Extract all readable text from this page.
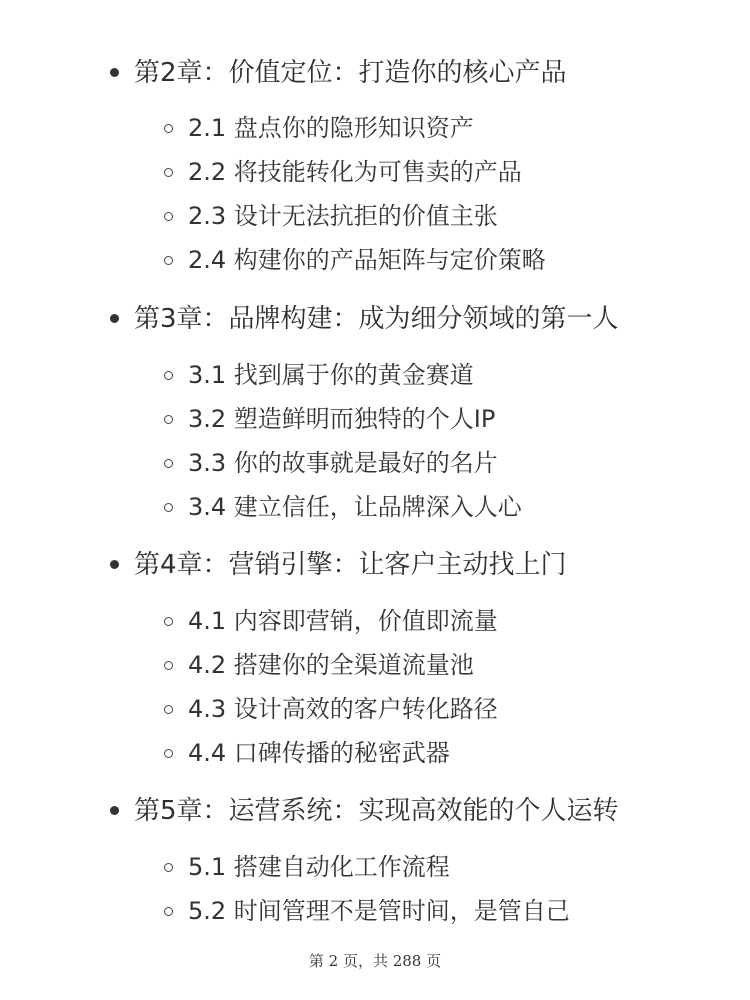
第2章：价值定位：打造你的核心产品
2.1 盘点你的隐形知识资产
2.2 将技能转化为可售卖的产品
2.3 设计无法抗拒的价值主张
2.4 构建你的产品矩阵与定价策略
第3章：品牌构建：成为细分领域的第一人
3.1 找到属于你的黄金赛道
3.2 塑造鲜明而独特的个人IP
3.3 你的故事就是最好的名片
3.4 建立信任，让品牌深入人心
第4章：营销引擎：让客户主动找上门
4.1 内容即营销，价值即流量
4.2 搭建你的全渠道流量池
4.3 设计高效的客户转化路径
4.4 口碑传播的秘密武器
第5章：运营系统：实现高效能的个人运转
5.1 搭建自动化工作流程
5.2 时间管理不是管时间，是管自己
第 2 页，共 288 页
